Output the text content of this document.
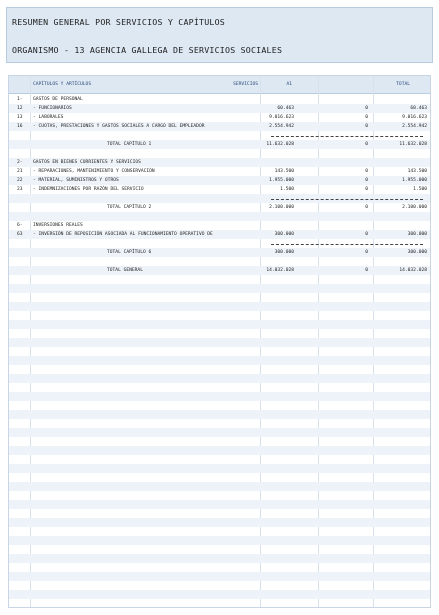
RESUMEN GENERAL POR SERVICIOS Y CAPÍTULOS
ORGANISMO - 13 AGENCIA GALLEGA DE SERVICIOS SOCIALES
CAPÍTULOS Y ARTÍCULOS	SERVICIOS	A1	TOTAL
1- GASTOS DE PERSONAL
12 - FUNCIONARIOS	60.463	0	60.463
13 - LABORALES	9.016.623	0	9.016.623
16 - CUOTAS, PRESTACIONES Y GASTOS SOCIALES A CARGO DEL EMPLEADOR	2.554.942	0	2.554.942
TOTAL CAPÍTULO 1	11.632.028	0	11.632.028
2- GASTOS EN BIENES CORRIENTES Y SERVICIOS
21 - REPARACIONES, MANTENIMIENTO Y CONSERVACIÓN	143.500	0	143.500
22 - MATERIAL, SUMINISTROS Y OTROS	1.955.000	0	1.955.000
23 - INDEMNIZACIONES POR RAZÓN DEL SERVICIO	1.500	0	1.500
TOTAL CAPÍTULO 2	2.100.000	0	2.100.000
6- INVERSIONES REALES
63 - INVERSIÓN DE REPOSICIÓN ASOCIADA AL FUNCIONAMIENTO OPERATIVO DE	300.000	0	300.000
TOTAL CAPÍTULO 6	300.000	0	300.000
TOTAL GENERAL	14.032.028	0	14.032.028
